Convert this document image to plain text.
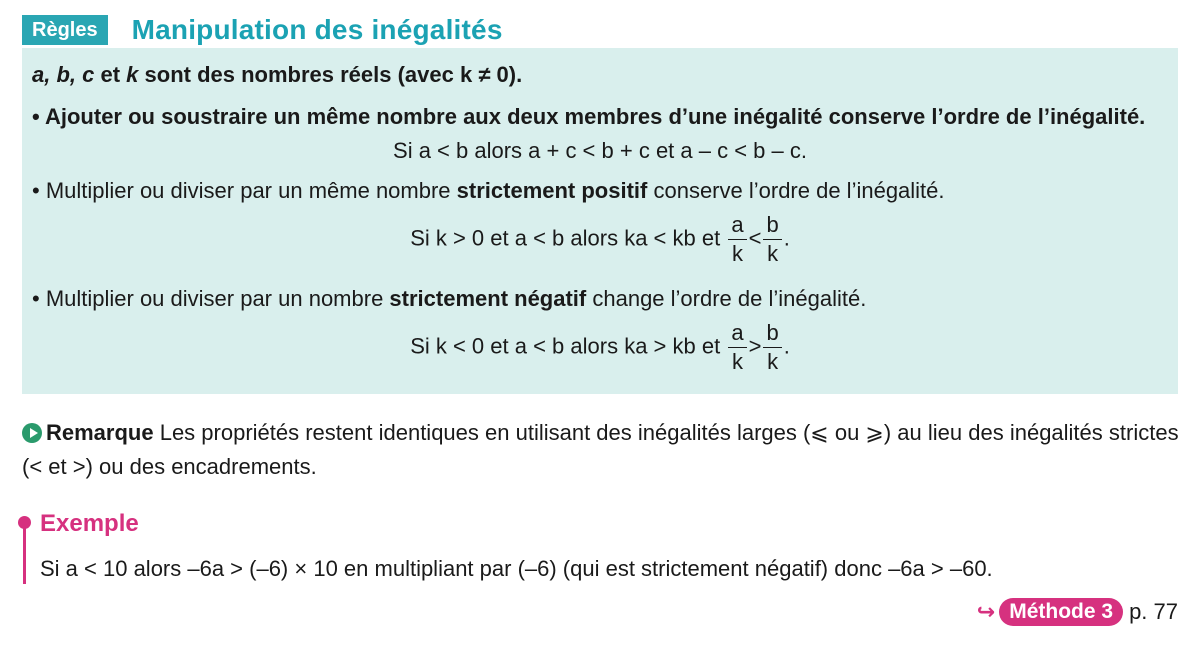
Règles	Manipulation des inégalités
a, b, c et k sont des nombres réels (avec k ≠ 0).
• Ajouter ou soustraire un même nombre aux deux membres d’une inégalité conserve l’ordre de l’inégalité.
Si a < b alors a + c < b + c et a – c < b – c.
• Multiplier ou diviser par un même nombre strictement positif conserve l’ordre de l’inégalité.
Si k > 0 et a < b alors ka < kb et $\frac{a}{k} < \frac{b}{k}$ .
• Multiplier ou diviser par un nombre strictement négatif change l’ordre de l’inégalité.
Si k < 0 et a < b alors ka > kb et $\frac{a}{k} > \frac{b}{k}$ .
Remarque Les propriétés restent identiques en utilisant des inégalités larges (⩽ ou ⩾) au lieu des inégalités strictes (< et >) ou des encadrements.
Exemple
Si a < 10 alors –6a > (–6) × 10 en multipliant par (–6) (qui est strictement négatif) donc –6a > –60.
↪ Méthode 3 p. 77
